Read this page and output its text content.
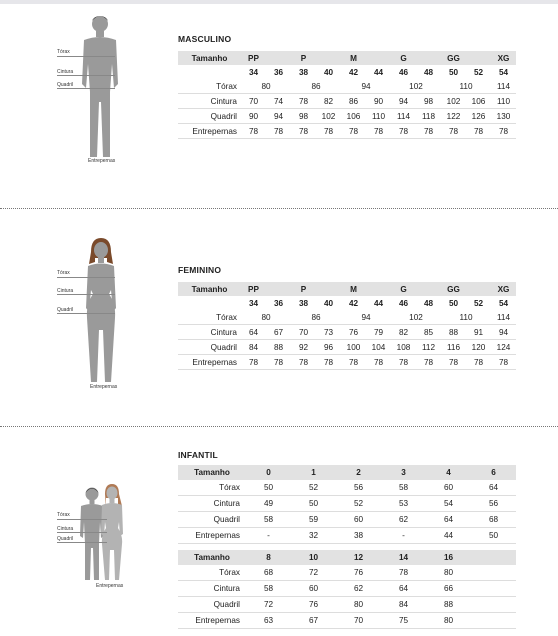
Tórax
Cintura
Quadril
Entrepernas
MASCULINO
Tamanho	PP		P		M		G		GG		XG
	34	36	38	40	42	44	46	48	50	52	54
Tórax	80		86		94		102		110		114
Cintura	70	74	78	82	86	90	94	98	102	106	110
Quadril	90	94	98	102	106	110	114	118	122	126	130
Entrepernas	78	78	78	78	78	78	78	78	78	78	78
Tórax
Cintura
Quadril
Entrepernas
FEMININO
Tamanho	PP		P		M		G		GG		XG
	34	36	38	40	42	44	46	48	50	52	54
Tórax	80		86		94		102		110		114
Cintura	64	67	70	73	76	79	82	85	88	91	94
Quadril	84	88	92	96	100	104	108	112	116	120	124
Entrepernas	78	78	78	78	78	78	78	78	78	78	78
Tórax
Cintura
Quadril
Entrepernas
INFANTIL
Tamanho	0	1	2	3	4	6
Tórax	50	52	56	58	60	64
Cintura	49	50	52	53	54	56
Quadril	58	59	60	62	64	68
Entrepernas	-	32	38	-	44	50

Tamanho	8	10	12	14	16	
Tórax	68	72	76	78	80	
Cintura	58	60	62	64	66	
Quadril	72	76	80	84	88	
Entrepernas	63	67	70	75	80	
